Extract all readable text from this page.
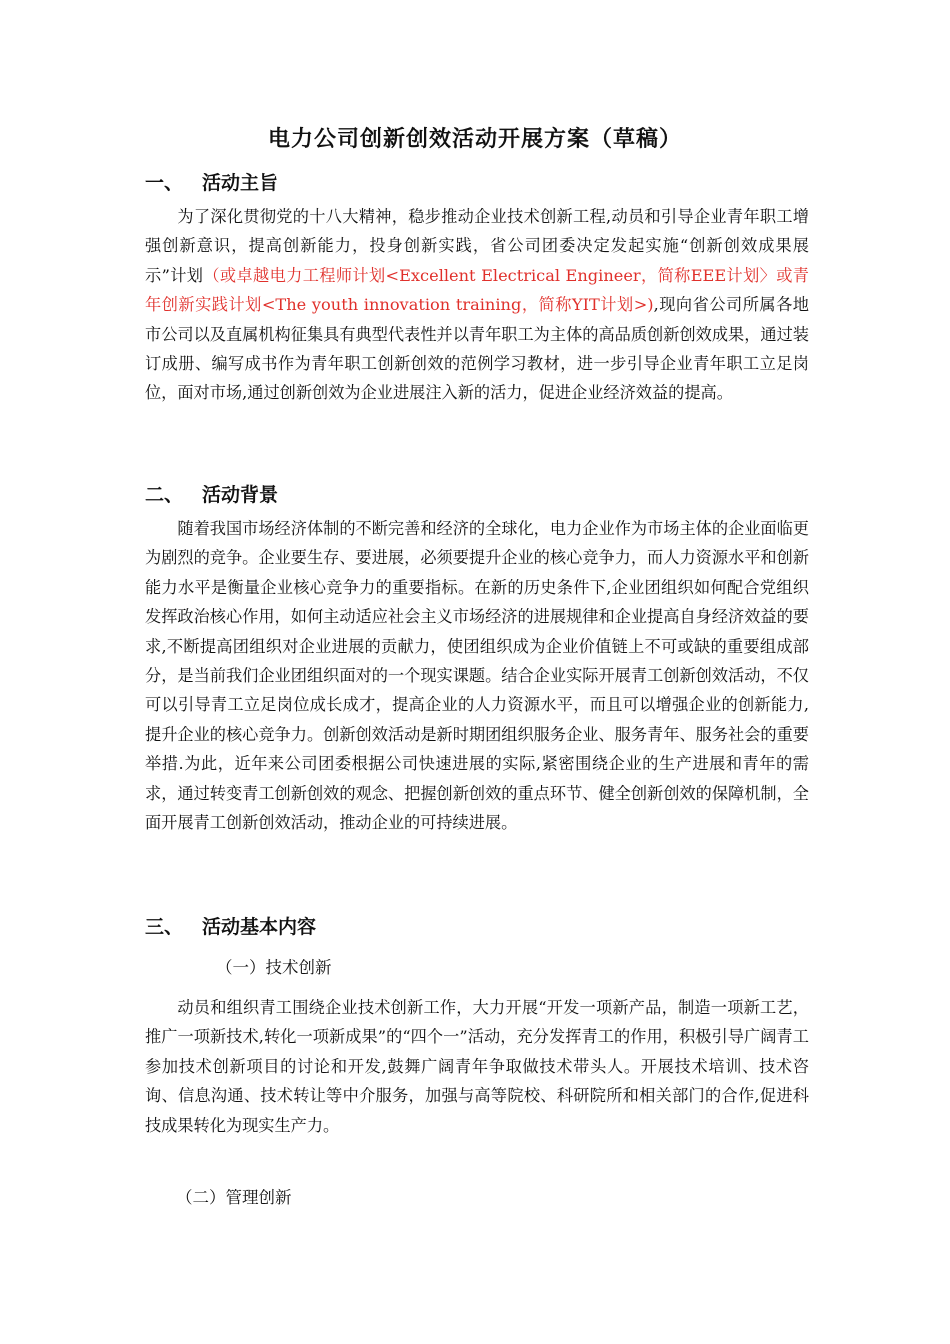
电力公司创新创效活动开展方案（草稿）
一、 活动主旨

为了深化贯彻党的十八大精神，稳步推动企业技术创新工程,动员和引导企业青年职工增强创新意识，提高创新能力，投身创新实践，省公司团委决定发起实施“创新创效成果展示”计划（或卓越电力工程师计划<Excellent Electrical Engineer，简称EEE计划〉或青年创新实践计划<The youth innovation training，简称YIT计划>),现向省公司所属各地市公司以及直属机构征集具有典型代表性并以青年职工为主体的高品质创新创效成果，通过装订成册、编写成书作为青年职工创新创效的范例学习教材，进一步引导企业青年职工立足岗位，面对市场,通过创新创效为企业进展注入新的活力，促进企业经济效益的提高。

二、 活动背景

随着我国市场经济体制的不断完善和经济的全球化，电力企业作为市场主体的企业面临更为剧烈的竞争。企业要生存、要进展，必须要提升企业的核心竞争力，而人力资源水平和创新能力水平是衡量企业核心竞争力的重要指标。在新的历史条件下,企业团组织如何配合党组织发挥政治核心作用，如何主动适应社会主义市场经济的进展规律和企业提高自身经济效益的要求,不断提高团组织对企业进展的贡献力，使团组织成为企业价值链上不可或缺的重要组成部分，是当前我们企业团组织面对的一个现实课题。结合企业实际开展青工创新创效活动，不仅可以引导青工立足岗位成长成才，提高企业的人力资源水平，而且可以增强企业的创新能力,提升企业的核心竞争力。创新创效活动是新时期团组织服务企业、服务青年、服务社会的重要举措.为此，近年来公司团委根据公司快速进展的实际,紧密围绕企业的生产进展和青年的需求，通过转变青工创新创效的观念、把握创新创效的重点环节、健全创新创效的保障机制，全面开展青工创新创效活动，推动企业的可持续进展。

三、 活动基本内容
（一）技术创新

动员和组织青工围绕企业技术创新工作，大力开展“开发一项新产品，制造一项新工艺，推广一项新技术,转化一项新成果”的“四个一”活动，充分发挥青工的作用，积极引导广阔青工参加技术创新项目的讨论和开发,鼓舞广阔青年争取做技术带头人。开展技术培训、技术咨询、信息沟通、技术转让等中介服务，加强与高等院校、科研院所和相关部门的合作,促进科技成果转化为现实生产力。

（二）管理创新
